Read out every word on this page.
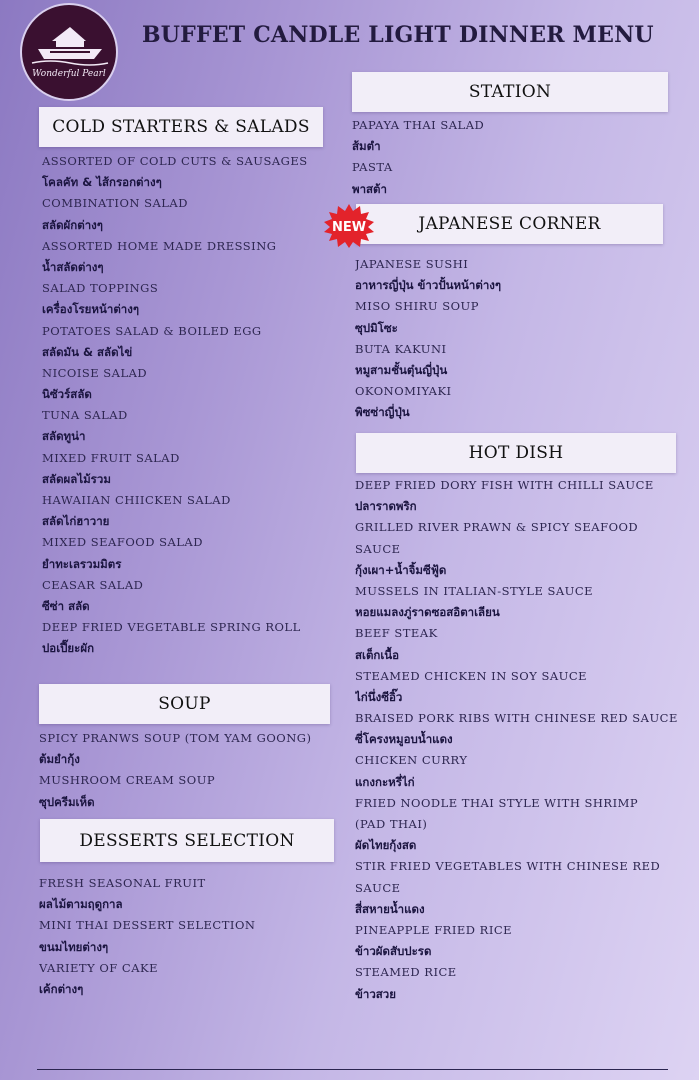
Wonderful Pearl
BUFFET CANDLE LIGHT DINNER MENU
COLD STARTERS & SALADS
SOUP
DESSERTS SELECTION
STATION
JAPANESE CORNER
HOT DISH
NEW
ASSORTED OF COLD CUTS & SAUSAGES
โคลคัท & ไส้กรอกต่างๆ
COMBINATION SALAD
สลัดผักต่างๆ
ASSORTED HOME MADE DRESSING
น้ำสลัดต่างๆ
SALAD TOPPINGS
เครื่องโรยหน้าต่างๆ
POTATOES SALAD & BOILED EGG
สลัดมัน & สลัดไข่
NICOISE SALAD
นิซัวร์สลัด
TUNA SALAD
สลัดทูน่า
MIXED FRUIT SALAD
สลัดผลไม้รวม
HAWAIIAN CHIICKEN SALAD
สลัดไก่ฮาวาย
MIXED SEAFOOD SALAD
ยำทะเลรวมมิตร
CEASAR SALAD
ซีซ่า สลัด
DEEP FRIED VEGETABLE SPRING ROLL
ปอเปี๊ยะผัก
SPICY PRANWS SOUP (TOM YAM GOONG)
ต้มยำกุ้ง
MUSHROOM CREAM SOUP
ซุปครีมเห็ด
FRESH SEASONAL FRUIT
ผลไม้ตามฤดูกาล
MINI THAI DESSERT SELECTION
ขนมไทยต่างๆ
VARIETY OF CAKE
เค้กต่างๆ
PAPAYA THAI SALAD
ส้มตำ
PASTA
พาสต้า
JAPANESE SUSHI
อาหารญี่ปุ่น ข้าวปั้นหน้าต่างๆ
MISO SHIRU SOUP
ซุปมิโซะ
BUTA KAKUNI
หมูสามชั้นตุ๋นญี่ปุ่น
OKONOMIYAKI
พิซซ่าญี่ปุ่น
DEEP FRIED DORY FISH WITH CHILLI SAUCE
ปลาราดพริก
GRILLED RIVER PRAWN & SPICY SEAFOOD
SAUCE
กุ้งเผา+น้ำจิ้มซีฟู้ด
MUSSELS IN ITALIAN-STYLE SAUCE
หอยแมลงภู่ราดซอสอิตาเลียน
BEEF STEAK
สเต็กเนื้อ
STEAMED CHICKEN IN SOY SAUCE
ไก่นึ่งซีอิ๊ว
BRAISED PORK RIBS WITH CHINESE RED SAUCE
ซี่โครงหมูอบน้ำแดง
CHICKEN CURRY
แกงกะหรี่ไก่
FRIED NOODLE THAI STYLE WITH SHRIMP
(PAD THAI)
ผัดไทยกุ้งสด
STIR FRIED VEGETABLES WITH CHINESE RED
SAUCE
สี่สหายน้ำแดง
PINEAPPLE FRIED RICE
ข้าวผัดสับปะรด
STEAMED RICE
ข้าวสวย
